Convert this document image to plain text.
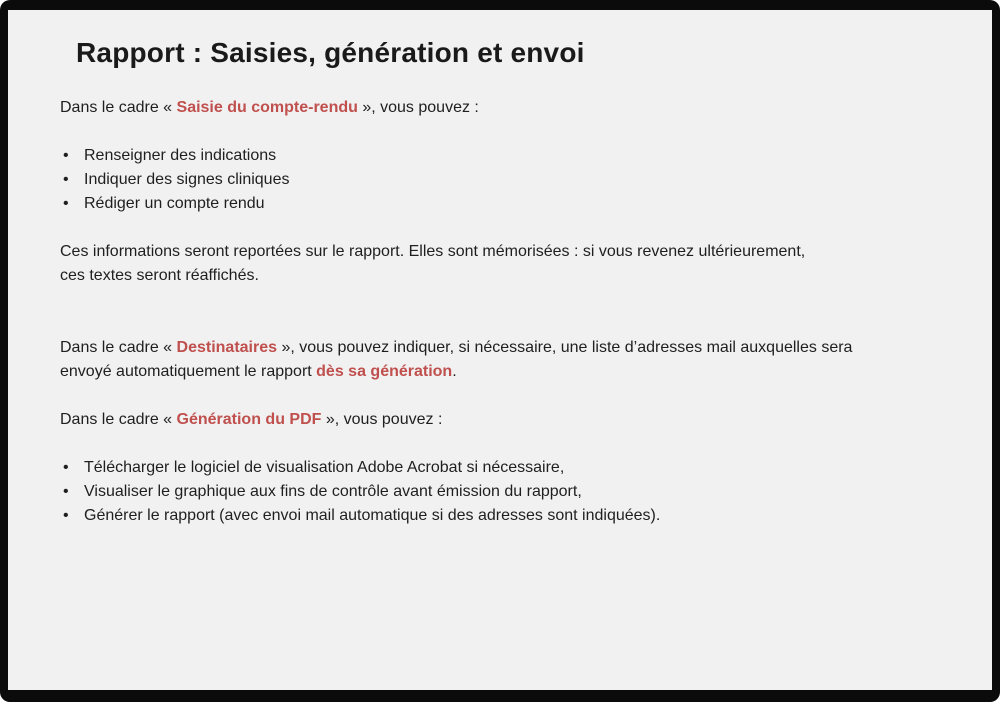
Rapport : Saisies, génération et envoi

Dans le cadre « Saisie du compte-rendu », vous pouvez :

• Renseigner des indications
• Indiquer des signes cliniques
• Rédiger un compte rendu

Ces informations seront reportées sur le rapport. Elles sont mémorisées : si vous revenez ultérieurement,
ces textes seront réaffichés.

Dans le cadre « Destinataires », vous pouvez indiquer, si nécessaire, une liste d’adresses mail auxquelles sera
envoyé automatiquement le rapport dès sa génération.

Dans le cadre « Génération du PDF », vous pouvez :

• Télécharger le logiciel de visualisation Adobe Acrobat si nécessaire,
• Visualiser le graphique aux fins de contrôle avant émission du rapport,
• Générer le rapport (avec envoi mail automatique si des adresses sont indiquées).
